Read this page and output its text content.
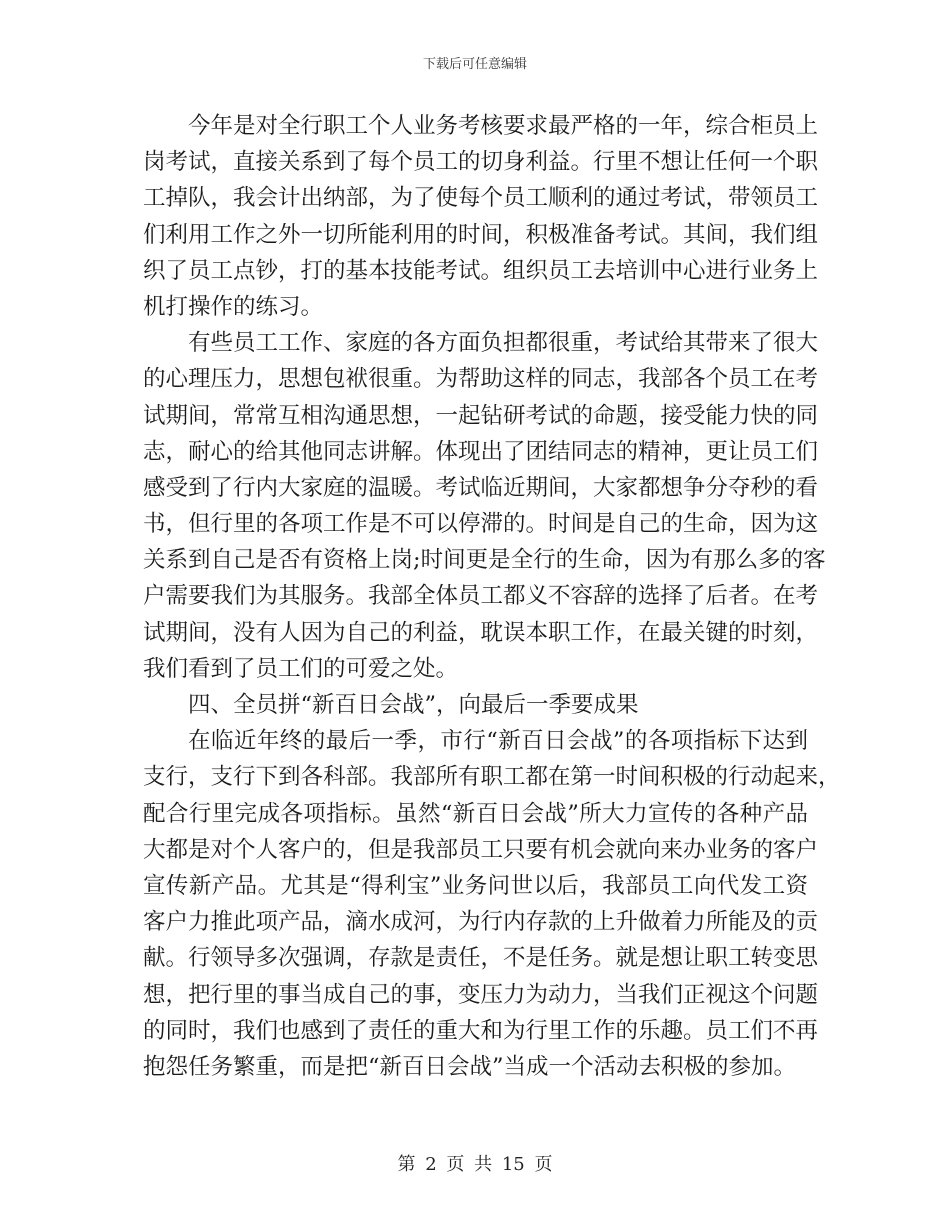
下载后可任意编辑
今年是对全行职工个人业务考核要求最严格的一年，综合柜员上
岗考试，直接关系到了每个员工的切身利益。行里不想让任何一个职
工掉队，我会计出纳部，为了使每个员工顺利的通过考试，带领员工
们利用工作之外一切所能利用的时间，积极准备考试。其间，我们组
织了员工点钞，打的基本技能考试。组织员工去培训中心进行业务上
机打操作的练习。
有些员工工作、家庭的各方面负担都很重，考试给其带来了很大
的心理压力，思想包袱很重。为帮助这样的同志，我部各个员工在考
试期间，常常互相沟通思想，一起钻研考试的命题，接受能力快的同
志，耐心的给其他同志讲解。体现出了团结同志的精神，更让员工们
感受到了行内大家庭的温暖。考试临近期间，大家都想争分夺秒的看
书，但行里的各项工作是不可以停滞的。时间是自己的生命，因为这
关系到自己是否有资格上岗;时间更是全行的生命，因为有那么多的客
户需要我们为其服务。我部全体员工都义不容辞的选择了后者。在考
试期间，没有人因为自己的利益，耽误本职工作，在最关键的时刻，
我们看到了员工们的可爱之处。
四、全员拼“新百日会战”，向最后一季要成果
在临近年终的最后一季，市行“新百日会战”的各项指标下达到
支行，支行下到各科部。我部所有职工都在第一时间积极的行动起来，
配合行里完成各项指标。虽然“新百日会战”所大力宣传的各种产品
大都是对个人客户的，但是我部员工只要有机会就向来办业务的客户
宣传新产品。尤其是“得利宝”业务问世以后，我部员工向代发工资
客户力推此项产品，滴水成河，为行内存款的上升做着力所能及的贡
献。行领导多次强调，存款是责任，不是任务。就是想让职工转变思
想，把行里的事当成自己的事，变压力为动力，当我们正视这个问题
的同时，我们也感到了责任的重大和为行里工作的乐趣。员工们不再
抱怨任务繁重，而是把“新百日会战”当成一个活动去积极的参加。
第 2 页 共 15 页
